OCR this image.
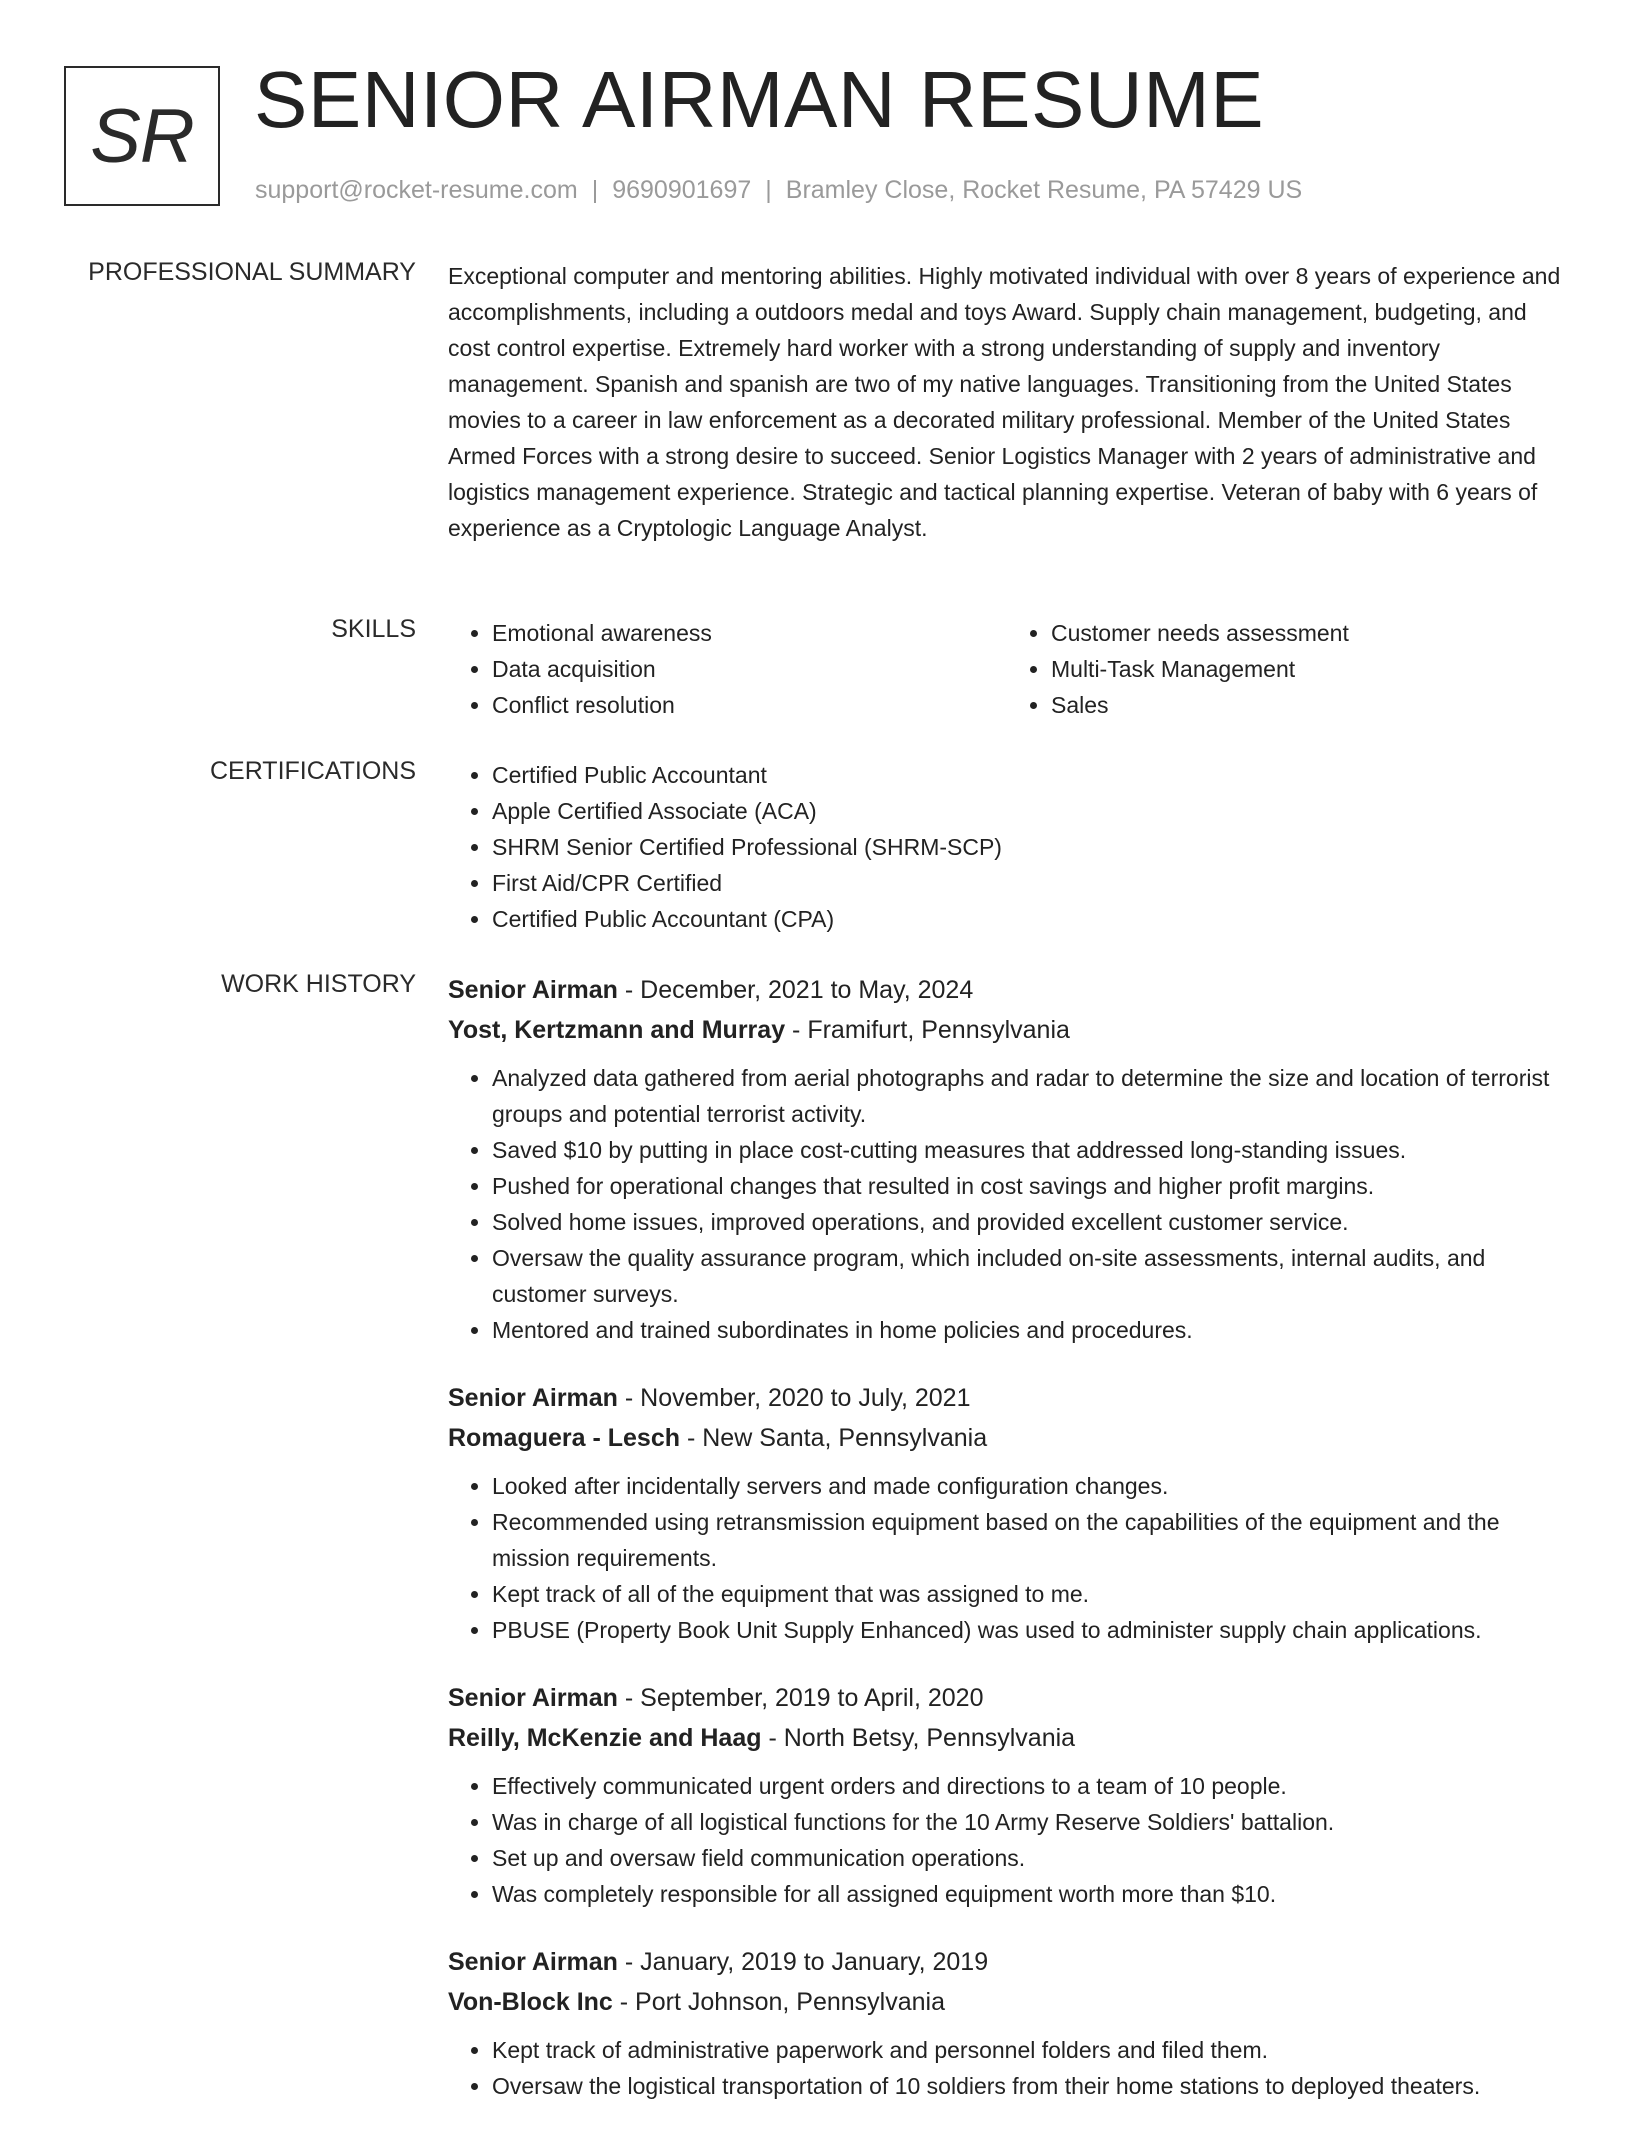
SR SENIOR AIRMAN RESUME
support@rocket-resume.com | 9690901697 | Bramley Close, Rocket Resume, PA 57429 US
PROFESSIONAL SUMMARY Exceptional computer and mentoring abilities. Highly motivated individual with over 8 years of experience and accomplishments, including a outdoors medal and toys Award. Supply chain management, budgeting, and cost control expertise. Extremely hard worker with a strong understanding of supply and inventory management. Spanish and spanish are two of my native languages. Transitioning from the United States movies to a career in law enforcement as a decorated military professional. Member of the United States Armed Forces with a strong desire to succeed. Senior Logistics Manager with 2 years of administrative and logistics management experience. Strategic and tactical planning expertise. Veteran of baby with 6 years of experience as a Cryptologic Language Analyst.

SKILLS	• Emotional awareness
• Data acquisition
• Conflict resolution
• Customer needs assessment
• Multi-Task Management
• Sales
CERTIFICATIONS	• Certified Public Accountant
• Apple Certified Associate (ACA)
• SHRM Senior Certified Professional (SHRM-SCP)
• First Aid/CPR Certified
• Certified Public Accountant (CPA)
WORK HISTORY Senior Airman - December, 2021 to May, 2024
Yost, Kertzmann and Murray - Framifurt, Pennsylvania
• Analyzed data gathered from aerial photographs and radar to determine the size and location of terrorist groups and potential terrorist activity.
• Saved $10 by putting in place cost-cutting measures that addressed long-standing issues.
• Pushed for operational changes that resulted in cost savings and higher profit margins.
• Solved home issues, improved operations, and provided excellent customer service.
• Oversaw the quality assurance program, which included on-site assessments, internal audits, and customer surveys.
• Mentored and trained subordinates in home policies and procedures.
Senior Airman - November, 2020 to July, 2021
Romaguera - Lesch - New Santa, Pennsylvania
• Looked after incidentally servers and made configuration changes.
• Recommended using retransmission equipment based on the capabilities of the equipment and the mission requirements.
• Kept track of all of the equipment that was assigned to me.
• PBUSE (Property Book Unit Supply Enhanced) was used to administer supply chain applications.
Senior Airman - September, 2019 to April, 2020
Reilly, McKenzie and Haag - North Betsy, Pennsylvania
• Effectively communicated urgent orders and directions to a team of 10 people.
• Was in charge of all logistical functions for the 10 Army Reserve Soldiers' battalion.
• Set up and oversaw field communication operations.
• Was completely responsible for all assigned equipment worth more than $10.
Senior Airman - January, 2019 to January, 2019
Von-Block Inc - Port Johnson, Pennsylvania
• Kept track of administrative paperwork and personnel folders and filed them.
• Oversaw the logistical transportation of 10 soldiers from their home stations to deployed theaters.
